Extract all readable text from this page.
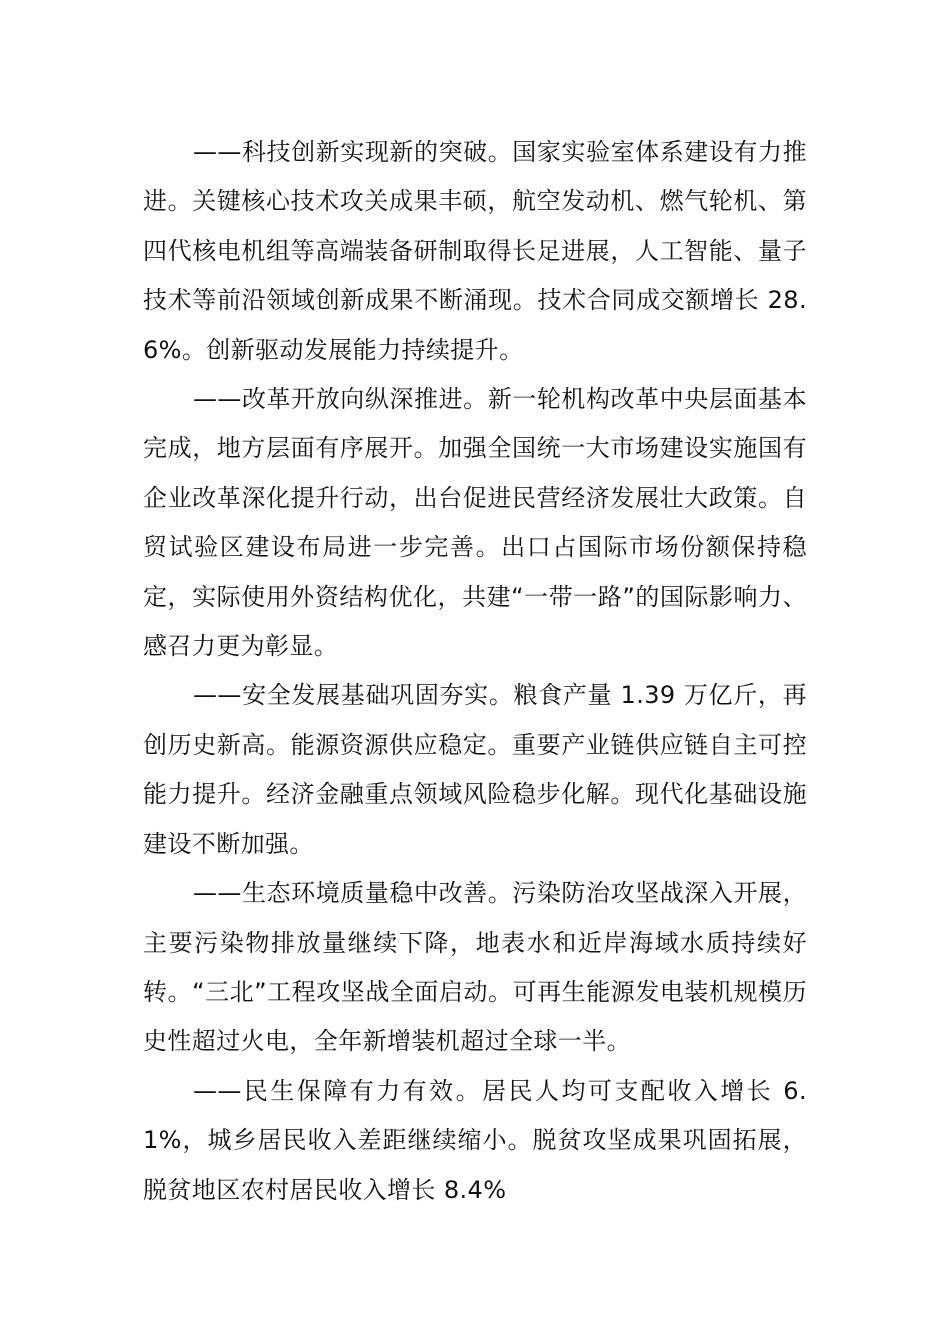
——科技创新实现新的突破。国家实验室体系建设有力推进。关键核心技术攻关成果丰硕，航空发动机、燃气轮机、第四代核电机组等高端装备研制取得长足进展，人工智能、量子技术等前沿领域创新成果不断涌现。技术合同成交额增长 28.6%。创新驱动发展能力持续提升。

——改革开放向纵深推进。新一轮机构改革中央层面基本完成，地方层面有序展开。加强全国统一大市场建设实施国有企业改革深化提升行动，出台促进民营经济发展壮大政策。自贸试验区建设布局进一步完善。出口占国际市场份额保持稳定，实际使用外资结构优化，共建“一带一路”的国际影响力、感召力更为彰显。

——安全发展基础巩固夯实。粮食产量 1.39 万亿斤，再创历史新高。能源资源供应稳定。重要产业链供应链自主可控能力提升。经济金融重点领域风险稳步化解。现代化基础设施建设不断加强。

——生态环境质量稳中改善。污染防治攻坚战深入开展，主要污染物排放量继续下降，地表水和近岸海域水质持续好转。“三北”工程攻坚战全面启动。可再生能源发电装机规模历史性超过火电，全年新增装机超过全球一半。

——民生保障有力有效。居民人均可支配收入增长 6.1%，城乡居民收入差距继续缩小。脱贫攻坚成果巩固拓展，脱贫地区农村居民收入增长 8.4%
